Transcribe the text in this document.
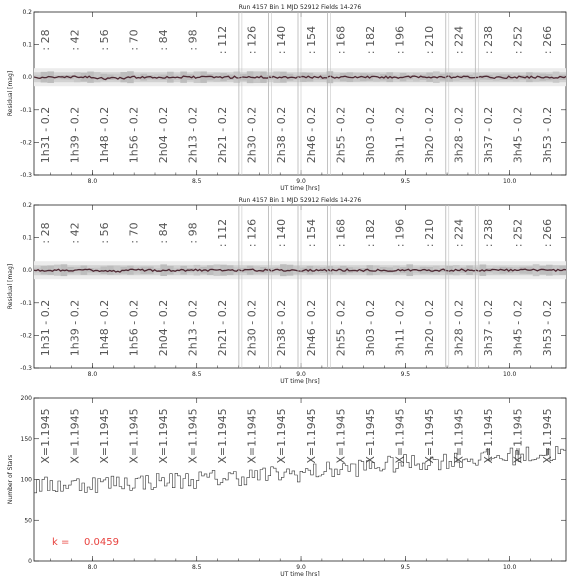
Run 4157 Bin 1 MJD 52912 Fields 14-276
8.0	8.5	9.0	9.5	10.0
-0.3
-0.2
-0.1
0.0
0.1
0.2
UT time [hrs]
Residual [mag]
: 28 : 42 : 56 : 70 : 84 : 98 : 112 : 126 : 140 : 154 : 168 : 182 : 196 : 210 : 224 : 238 : 252 : 266
1h31 - 0.2 1h39 - 0.2 1h48 - 0.2 1h56 - 0.2 2h04 - 0.2 2h13 - 0.2 2h21 - 0.2 2h30 - 0.2 2h38 - 0.2 2h46 - 0.2 2h55 - 0.2 3h03 - 0.2 3h11 - 0.2 3h20 - 0.2 3h28 - 0.2 3h37 - 0.2 3h45 - 0.2 3h53 - 0.2
Run 4157 Bin 1 MJD 52912 Fields 14-276
8.0	8.5	9.0	9.5	10.0
-0.3
-0.2
-0.1
0.0
0.1
0.2
UT time [hrs]
Residual [mag]
: 28 : 42 : 56 : 70 : 84 : 98 : 112 : 126 : 140 : 154 : 168 : 182 : 196 : 210 : 224 : 238 : 252 : 266
1h31 - 0.2 1h39 - 0.2 1h48 - 0.2 1h56 - 0.2 2h04 - 0.2 2h13 - 0.2 2h21 - 0.2 2h30 - 0.2 2h38 - 0.2 2h46 - 0.2 2h55 - 0.2 3h03 - 0.2 3h11 - 0.2 3h20 - 0.2 3h28 - 0.2 3h37 - 0.2 3h45 - 0.2 3h53 - 0.2
8.0	8.5	9.0	9.5	10.0
0
50
100
150
200
UT time [hrs]
Number of Stars
X=1.1945 X=1.1945 X=1.1945 X=1.1945 X=1.1945 X=1.1945 X=1.1945 X=1.1945 X=1.1945 X=1.1945 X=1.1945 X=1.1945 X=1.1945 X=1.1945 X=1.1945 X=1.1945 X=1.1945 X=1.1945
k = 0.0459
